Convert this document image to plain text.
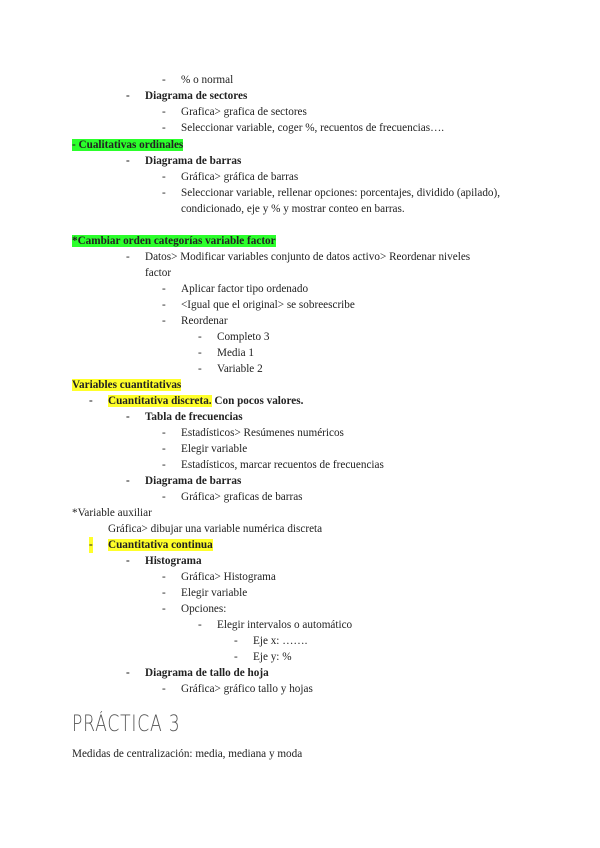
- % o normal
- Diagrama de sectores
- Grafica> grafica de sectores
- Seleccionar variable, coger %, recuentos de frecuencias….
- Cualitativas ordinales
- Diagrama de barras
- Gráfica> gráfica de barras
- Seleccionar variable, rellenar opciones: porcentajes, dividido (apilado),
condicionado, eje y % y mostrar conteo en barras.
*Cambiar orden categorías variable factor
- Datos> Modificar variables conjunto de datos activo> Reordenar niveles
factor
- Aplicar factor tipo ordenado
- <Igual que el original> se sobreescribe
- Reordenar
- Completo 3
- Media 1
- Variable 2
Variables cuantitativas
- Cuantitativa discreta. Con pocos valores.
- Tabla de frecuencias
- Estadísticos> Resúmenes numéricos
- Elegir variable
- Estadísticos, marcar recuentos de frecuencias
- Diagrama de barras
- Gráfica> graficas de barras
*Variable auxiliar
Gráfica> dibujar una variable numérica discreta
- Cuantitativa continua
- Histograma
- Gráfica> Histograma
- Elegir variable
- Opciones:
- Elegir intervalos o automático
- Eje x: …….
- Eje y: %
- Diagrama de tallo de hoja
- Gráfica> gráfico tallo y hojas
PRÁCTICA 3
Medidas de centralización: media, mediana y moda
